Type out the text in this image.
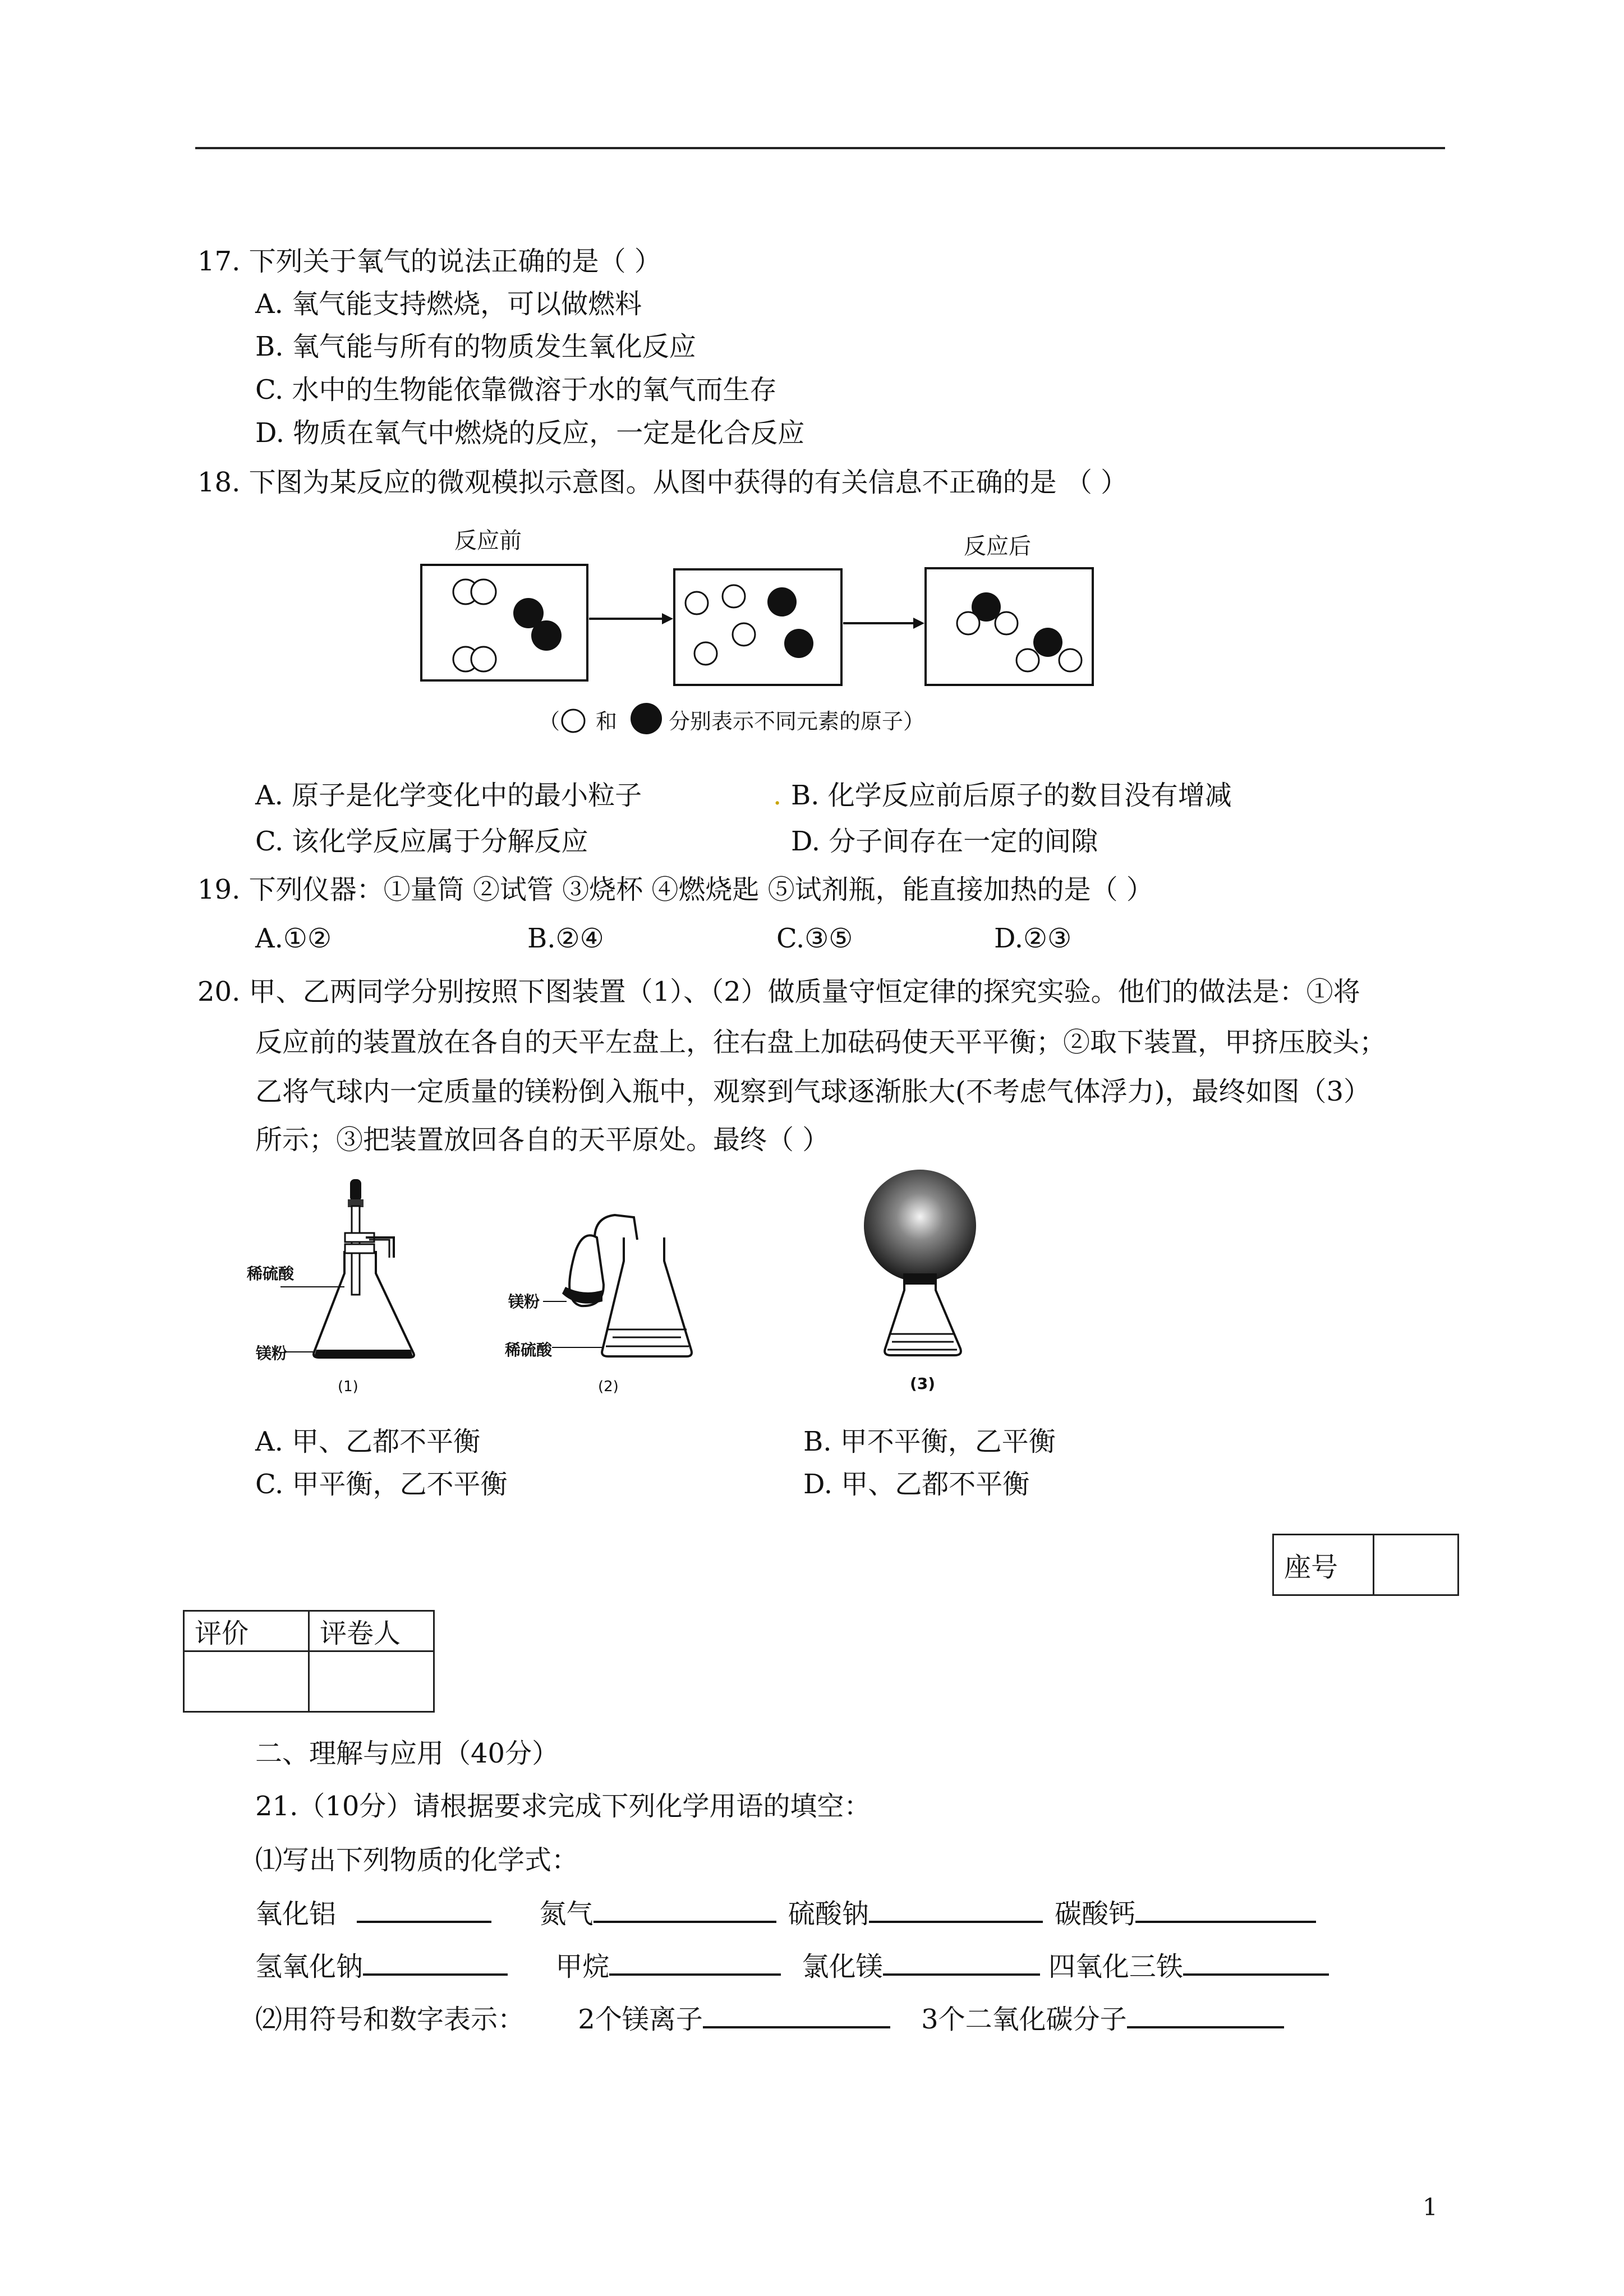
17. 下列关于氧气的说法正确的是（ ）
A. 氧气能支持燃烧，可以做燃料
B. 氧气能与所有的物质发生氧化反应
C. 水中的生物能依靠微溶于水的氧气而生存
D. 物质在氧气中燃烧的反应，一定是化合反应
18. 下图为某反应的微观模拟示意图。从图中获得的有关信息不正确的是 （ ）
反应前	反应后
（ 和 分别表示不同元素的原子）
A. 原子是化学变化中的最小粒子	. B. 化学反应前后原子的数目没有增减
C. 该化学反应属于分解反应	D. 分子间存在一定的间隙
19. 下列仪器：①量筒 ②试管 ③烧杯 ④燃烧匙 ⑤试剂瓶，能直接加热的是（ ）
A.①②	B.②④	C.③⑤	D.②③
20. 甲、乙两同学分别按照下图装置（1）、（2）做质量守恒定律的探究实验。他们的做法是：①将
反应前的装置放在各自的天平左盘上，往右盘上加砝码使天平平衡；②取下装置，甲挤压胶头；
乙将气球内一定质量的镁粉倒入瓶中，观察到气球逐渐胀大(不考虑气体浮力)，最终如图（3）
所示；③把装置放回各自的天平原处。最终（ ）
稀硫酸
镁粉
(1)
镁粉
稀硫酸
(2)	(3)
A. 甲、乙都不平衡	B. 甲不平衡，乙平衡
C. 甲平衡，乙不平衡	D. 甲、乙都不平衡
座号	
评价	评卷人

二、理解与应用（40分）
21.（10分）请根据要求完成下列化学用语的填空：
⑴写出下列物质的化学式：
氧化铝	氮气	硫酸钠	碳酸钙
氢氧化钠	甲烷	氯化镁	四氧化三铁
⑵用符号和数字表示： 2个镁离子	3个二氧化碳分子
1
